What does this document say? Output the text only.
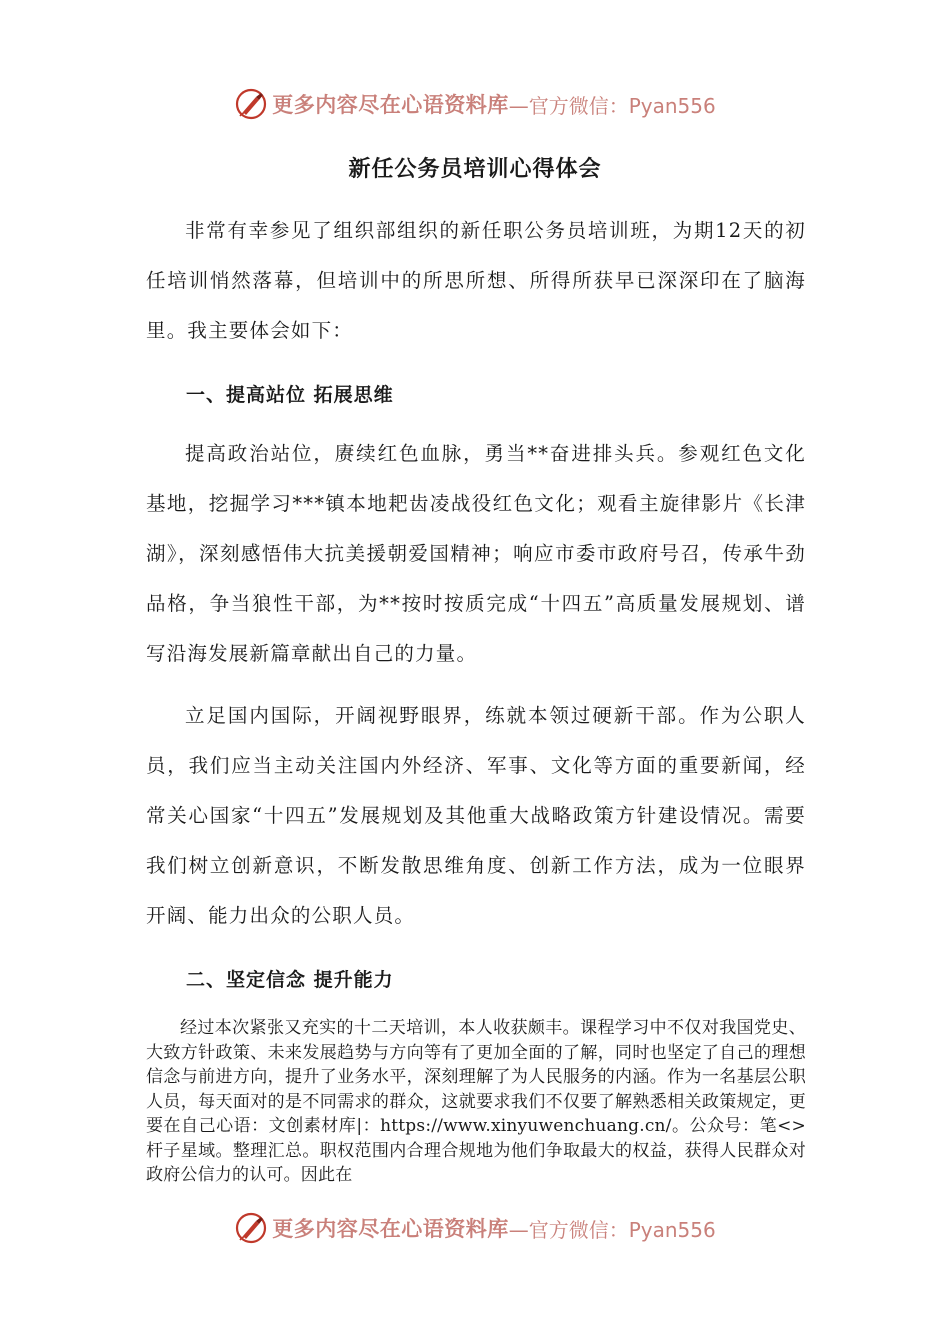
更多内容尽在心语资料库 —官方微信：Pyan556
新任公务员培训心得体会

非常有幸参见了组织部组织的新任职公务员培训班，为期12天的初任培训悄然落幕，但培训中的所思所想、所得所获早已深深印在了脑海里。我主要体会如下：

一、提高站位 拓展思维

提高政治站位，赓续红色血脉，勇当**奋进排头兵。参观红色文化基地，挖掘学习***镇本地耙齿凌战役红色文化；观看主旋律影片《长津湖》，深刻感悟伟大抗美援朝爱国精神；响应市委市政府号召，传承牛劲品格，争当狼性干部，为**按时按质完成“十四五”高质量发展规划、谱写沿海发展新篇章献出自己的力量。

立足国内国际，开阔视野眼界，练就本领过硬新干部。作为公职人员，我们应当主动关注国内外经济、军事、文化等方面的重要新闻，经常关心国家“十四五”发展规划及其他重大战略政策方针建设情况。需要我们树立创新意识，不断发散思维角度、创新工作方法，成为一位眼界开阔、能力出众的公职人员。

二、坚定信念 提升能力

经过本次紧张又充实的十二天培训，本人收获颇丰。课程学习中不仅对我国党史、大致方针政策、未来发展趋势与方向等有了更加全面的了解，同时也坚定了自己的理想信念与前进方向，提升了业务水平，深刻理解了为人民服务的内涵。作为一名基层公职人员，每天面对的是不同需求的群众，这就要求我们不仅要了解熟悉相关政策规定，更要在自己心语：文创素材库|：https://www.xinyuwenchuang.cn/。公众号：笔<>杆子星域。整理汇总。职权范围内合理合规地为他们争取最大的权益，获得人民群众对政府公信力的认可。因此在

更多内容尽在心语资料库 —官方微信：Pyan556
